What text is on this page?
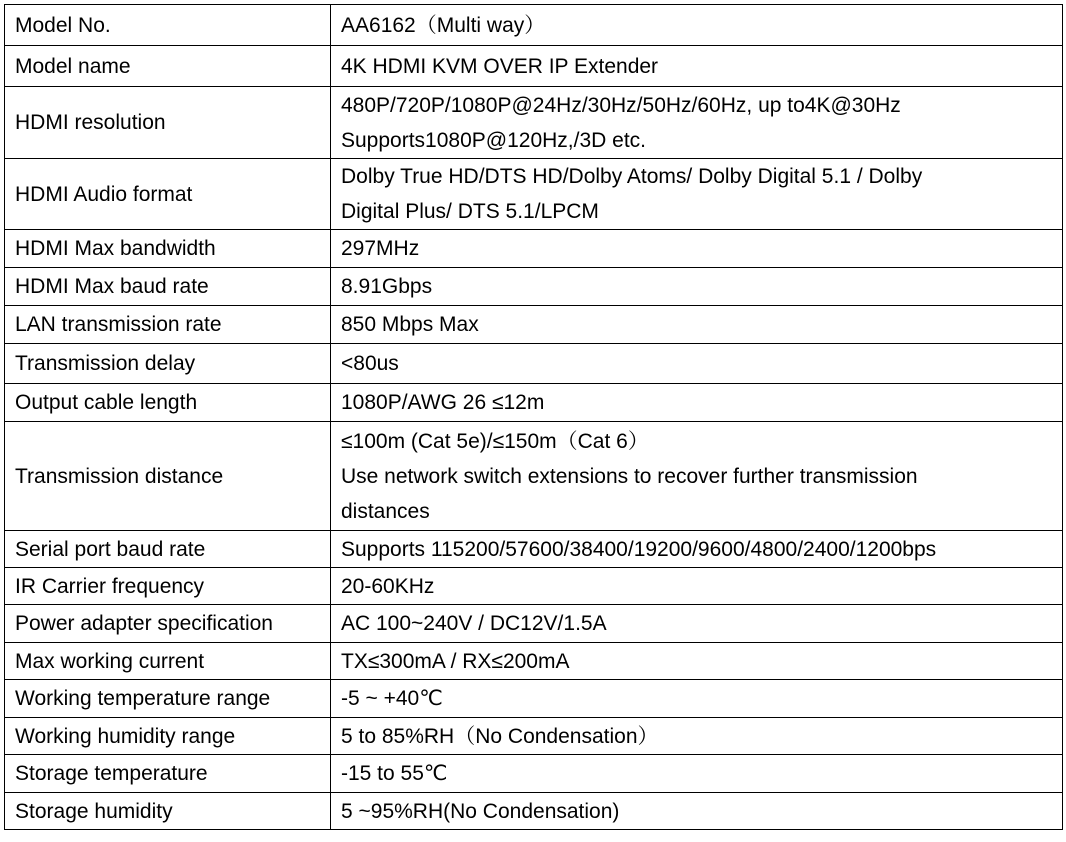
Model No.	AA6162（Multi way）

Model name	4K HDMI KVM OVER IP Extender

HDMI resolution	480P/720P/1080P@24Hz/30Hz/50Hz/60Hz, up to4K@30Hz
Supports1080P@120Hz,/3D etc.

HDMI Audio format	Dolby True HD/DTS HD/Dolby Atoms/ Dolby Digital 5.1 / Dolby
Digital Plus/ DTS 5.1/LPCM

HDMI Max bandwidth	297MHz

HDMI Max baud rate	8.91Gbps

LAN transmission rate	850 Mbps Max

Transmission delay	<80us

Output cable length	1080P/AWG 26 ≤12m

Transmission distance	≤100m (Cat 5e)/≤150m（Cat 6）
Use network switch extensions to recover further transmission
distances

Serial port baud rate	Supports 115200/57600/38400/19200/9600/4800/2400/1200bps

IR Carrier frequency	20-60KHz

Power adapter specification	AC 100~240V / DC12V/1.5A

Max working current	TX≤300mA / RX≤200mA

Working temperature range	-5 ~ +40℃

Working humidity range	5 to 85%RH（No Condensation）

Storage temperature	-15 to 55℃

Storage humidity	5 ~95%RH(No Condensation)
